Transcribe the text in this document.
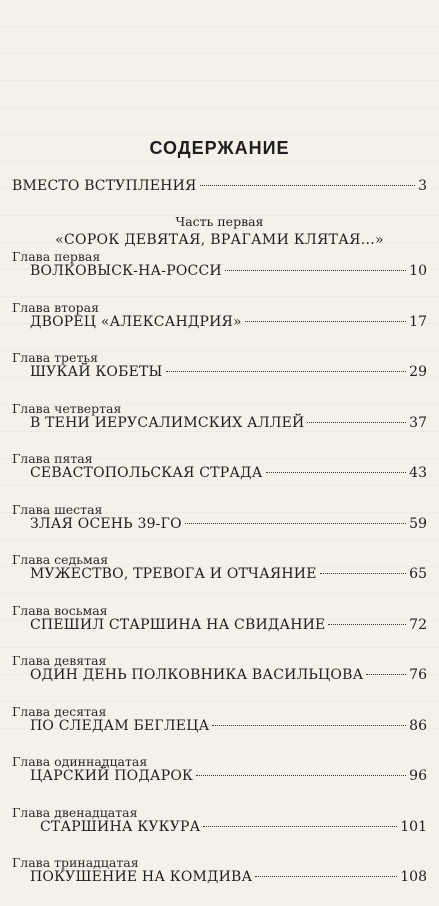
СОДЕРЖАНИЕ
ВМЕСТО ВСТУПЛЕНИЯ	3
Часть первая
«СОРОК ДЕВЯТАЯ, ВРАГАМИ КЛЯТАЯ...»
Глава первая
ВОЛКОВЫСК-НА-РОССИ	10
Глава вторая
ДВОРЕЦ «АЛЕКСАНДРИЯ»	17
Глава третья
ШУКАЙ КОБЕТЫ	29
Глава четвертая
В ТЕНИ ИЕРУСАЛИМСКИХ АЛЛЕЙ	37
Глава пятая
СЕВАСТОПОЛЬСКАЯ СТРАДА	43
Глава шестая
ЗЛАЯ ОСЕНЬ 39-ГО	59
Глава седьмая
МУЖЕСТВО, ТРЕВОГА И ОТЧАЯНИЕ	65
Глава восьмая
СПЕШИЛ СТАРШИНА НА СВИДАНИЕ	72
Глава девятая
ОДИН ДЕНЬ ПОЛКОВНИКА ВАСИЛЬЦОВА	76
Глава десятая
ПО СЛЕДАМ БЕГЛЕЦА	86
Глава одиннадцатая
ЦАРСКИЙ ПОДАРОК	96
Глава двенадцатая
СТАРШИНА КУКУРА	101
Глава тринадцатая
ПОКУШЕНИЕ НА КОМДИВА	108
